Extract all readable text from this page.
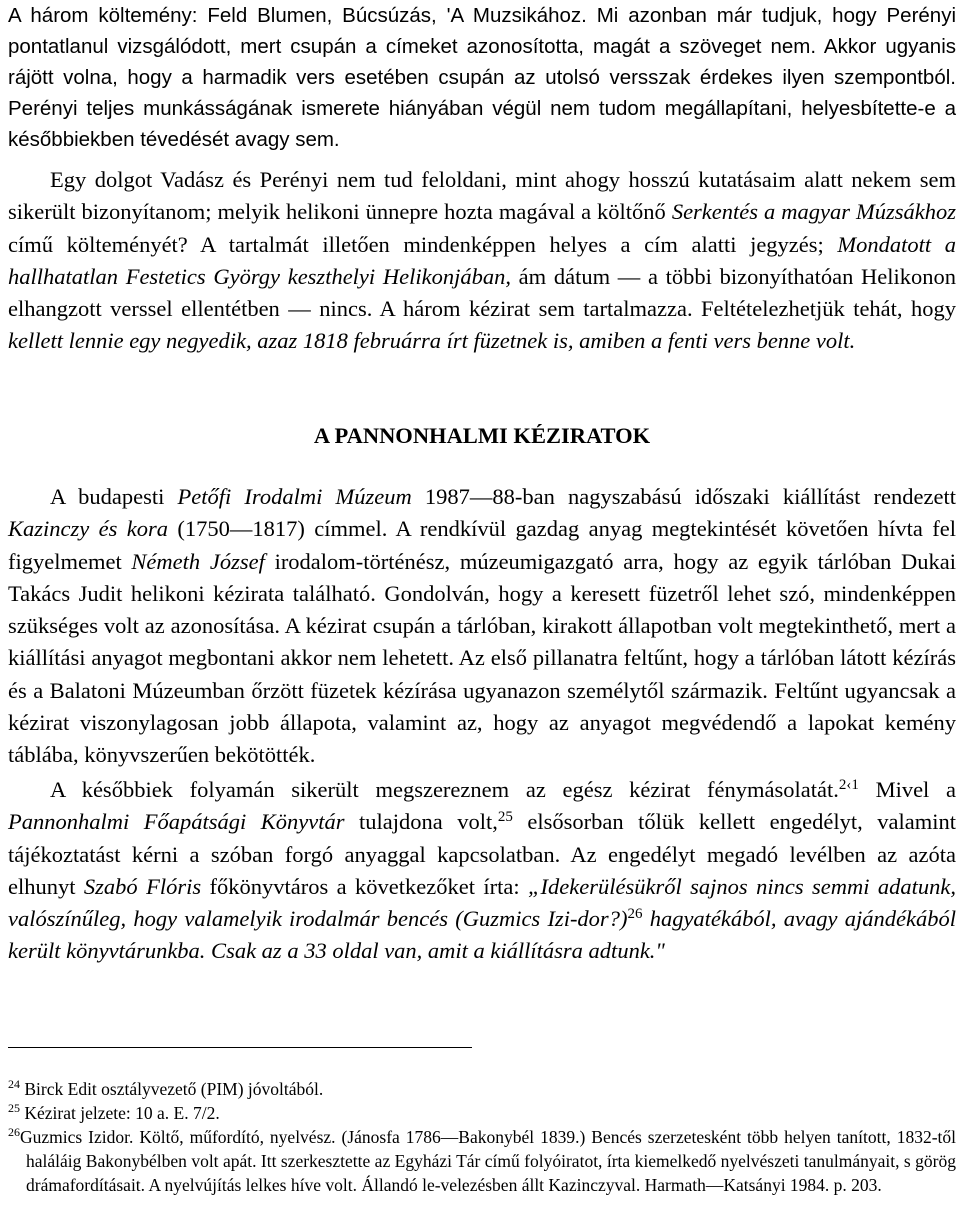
A három költemény: Feld Blumen, Búcsúzás, 'A Muzsikához. Mi azonban már tudjuk, hogy Perényi pontatlanul vizsgálódott, mert csupán a címeket azonosította, magát a szöveget nem. Akkor ugyanis rájött volna, hogy a harmadik vers esetében csupán az utolsó versszak érdekes ilyen szempontból. Perényi teljes munkásságának ismerete hiányában végül nem tudom megállapítani, helyesbítette-e a későbbiekben tévedését avagy sem.

Egy dolgot Vadász és Perényi nem tud feloldani, mint ahogy hosszú kutatásaim alatt nekem sem sikerült bizonyítanom; melyik helikoni ünnepre hozta magával a költőnő Serkentés a magyar Múzsákhoz című költeményét? A tartalmát illetően mindenképpen helyes a cím alatti jegyzés; Mondatott a hallhatatlan Festetics György keszthelyi Helikonjában, ám dátum — a többi bizonyíthatóan Helikonon elhangzott verssel ellentétben — nincs. A három kézirat sem tartalmazza. Feltételezhetjük tehát, hogy kellett lennie egy negyedik, azaz 1818 februárra írt füzetnek is, amiben a fenti vers benne volt.

A PANNONHALMI KÉZIRATOK

A budapesti Petőfi Irodalmi Múzeum 1987—88-ban nagyszabású időszaki kiállítást rendezett Kazinczy és kora (1750—1817) címmel. A rendkívül gazdag anyag megtekintését követően hívta fel figyelmemet Németh József irodalom-történész, múzeumigazgató arra, hogy az egyik tárlóban Dukai Takács Judit helikoni kézirata található. Gondolván, hogy a keresett füzetről lehet szó, mindenképpen szükséges volt az azonosítása. A kézirat csupán a tárlóban, kirakott állapotban volt megtekinthető, mert a kiállítási anyagot megbontani akkor nem lehetett. Az első pillanatra feltűnt, hogy a tárlóban látott kézírás és a Balatoni Múzeumban őrzött füzetek kézírása ugyanazon személytől származik. Feltűnt ugyancsak a kézirat viszonylagosan jobb állapota, valamint az, hogy az anyagot megvédendő a lapokat kemény táblába, könyvszerűen bekötötték.

A későbbiek folyamán sikerült megszereznem az egész kézirat fénymásolatát.$^{2‹1}$ Mivel a Pannonhalmi Főapátsági Könyvtár tulajdona volt,$^{25}$ elsősorban tőlük kellett engedélyt, valamint tájékoztatást kérni a szóban forgó anyaggal kapcsolatban. Az engedélyt megadó levélben az azóta elhunyt Szabó Flóris főkönyvtáros a következőket írta: „Idekerülésükről sajnos nincs semmi adatunk, valószínűleg, hogy valamelyik irodalmár bencés (Guzmics Izi-dor?)$^{26}$ hagyatékából, avagy ajándékából került könyvtárunkba. Csak az a 33 oldal van, amit a kiállításra adtunk."

$^{24}$ Birck Edit osztályvezető (PIM) jóvoltából.
$^{25}$ Kézirat jelzete: 10 a. E. 7/2.
$^{26}$Guzmics Izidor. Költő, műfordító, nyelvész. (Jánosfa 1786—Bakonybél 1839.) Bencés szerzetesként több helyen tanított, 1832-től haláláig Bakonybélben volt apát. Itt szerkesztette az Egyházi Tár című folyóiratot, írta kiemelkedő nyelvészeti tanulmányait, s görög drámafordításait. A nyelvújítás lelkes híve volt. Állandó le-velezésben állt Kazinczyval. Harmath—Katsányi 1984. p. 203.
